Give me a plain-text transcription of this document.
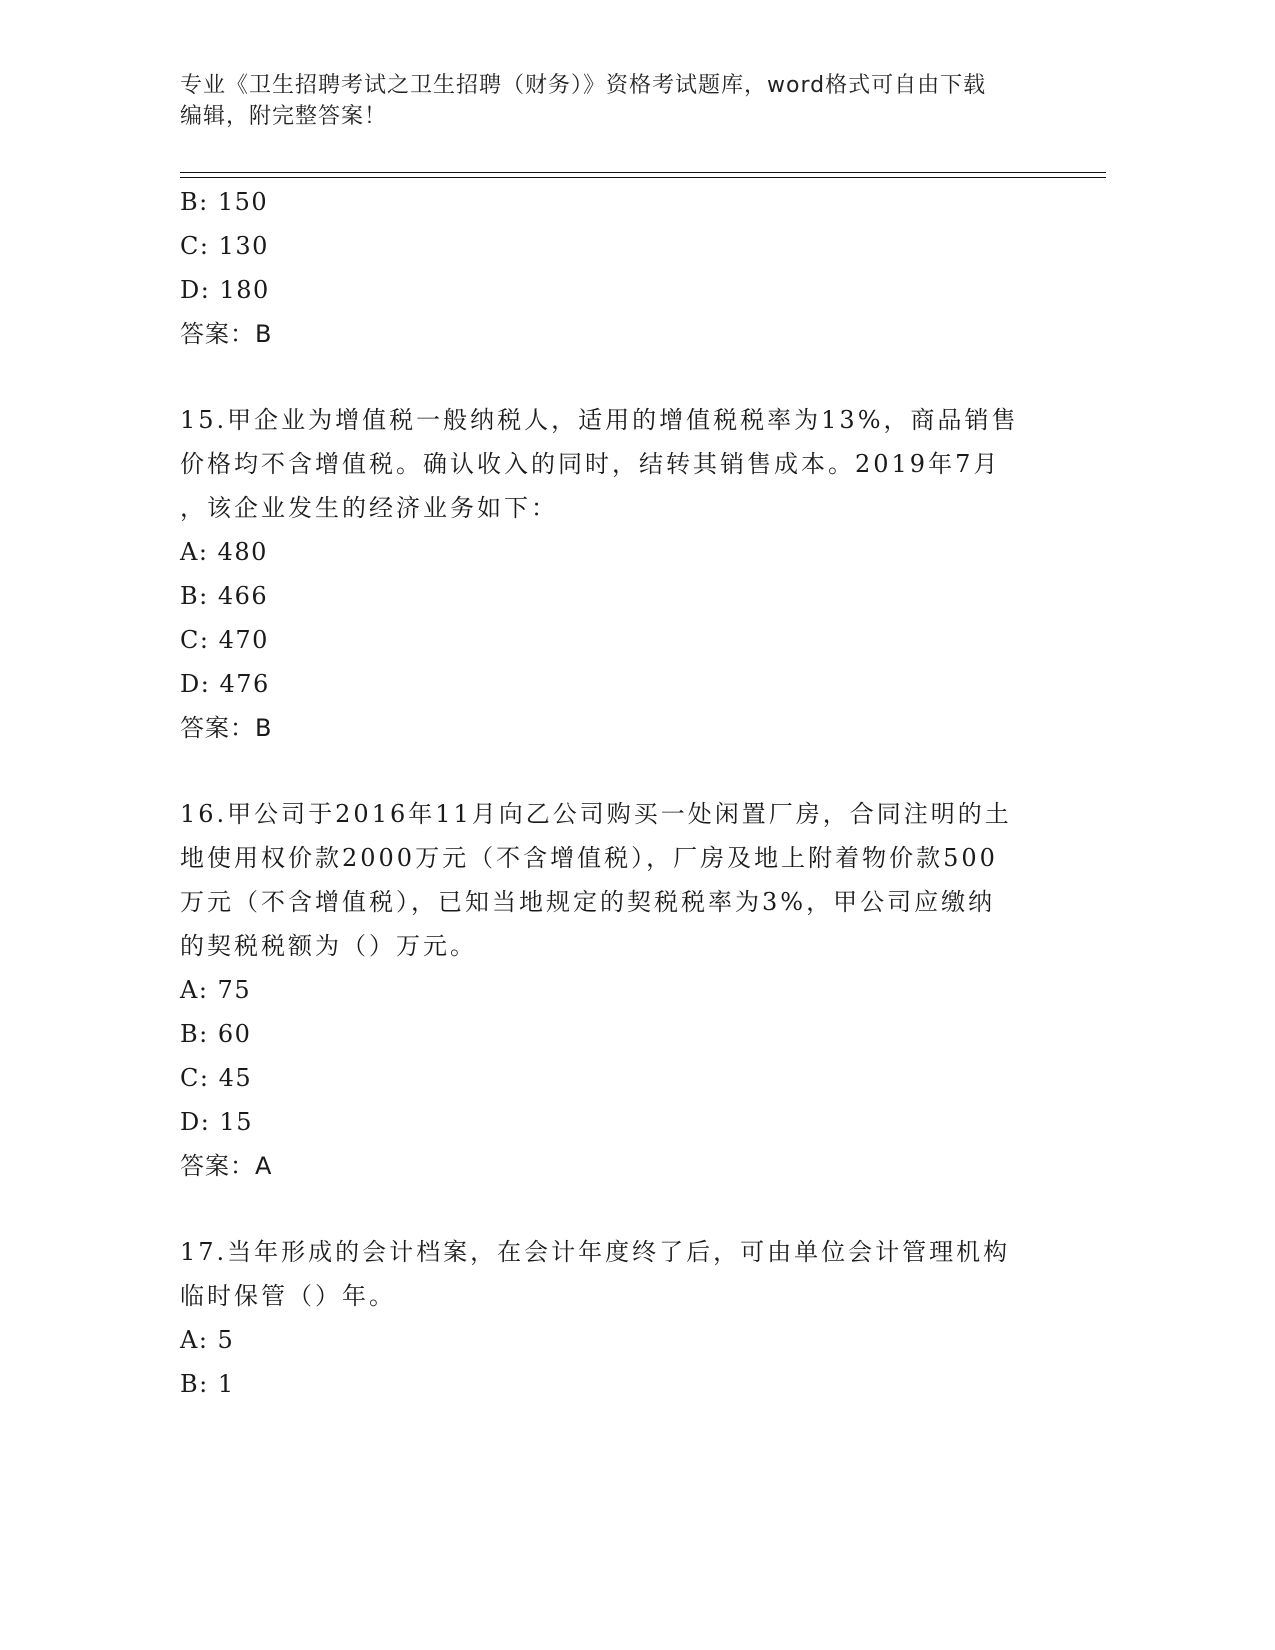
专业《卫生招聘考试之卫生招聘（财务）》资格考试题库，word格式可自由下载
编辑，附完整答案！
B: 150
C: 130
D: 180
答案：B
15.甲企业为增值税一般纳税人，适用的增值税税率为13%，商品销售
价格均不含增值税。确认收入的同时，结转其销售成本。2019年7月
，该企业发生的经济业务如下：
A: 480
B: 466
C: 470
D: 476
答案：B
16.甲公司于2016年11月向乙公司购买一处闲置厂房，合同注明的土
地使用权价款2000万元（不含增值税），厂房及地上附着物价款500
万元（不含增值税），已知当地规定的契税税率为3%，甲公司应缴纳
的契税税额为（）万元。
A: 75
B: 60
C: 45
D: 15
答案：A
17.当年形成的会计档案，在会计年度终了后，可由单位会计管理机构
临时保管（）年。
A: 5
B: 1
